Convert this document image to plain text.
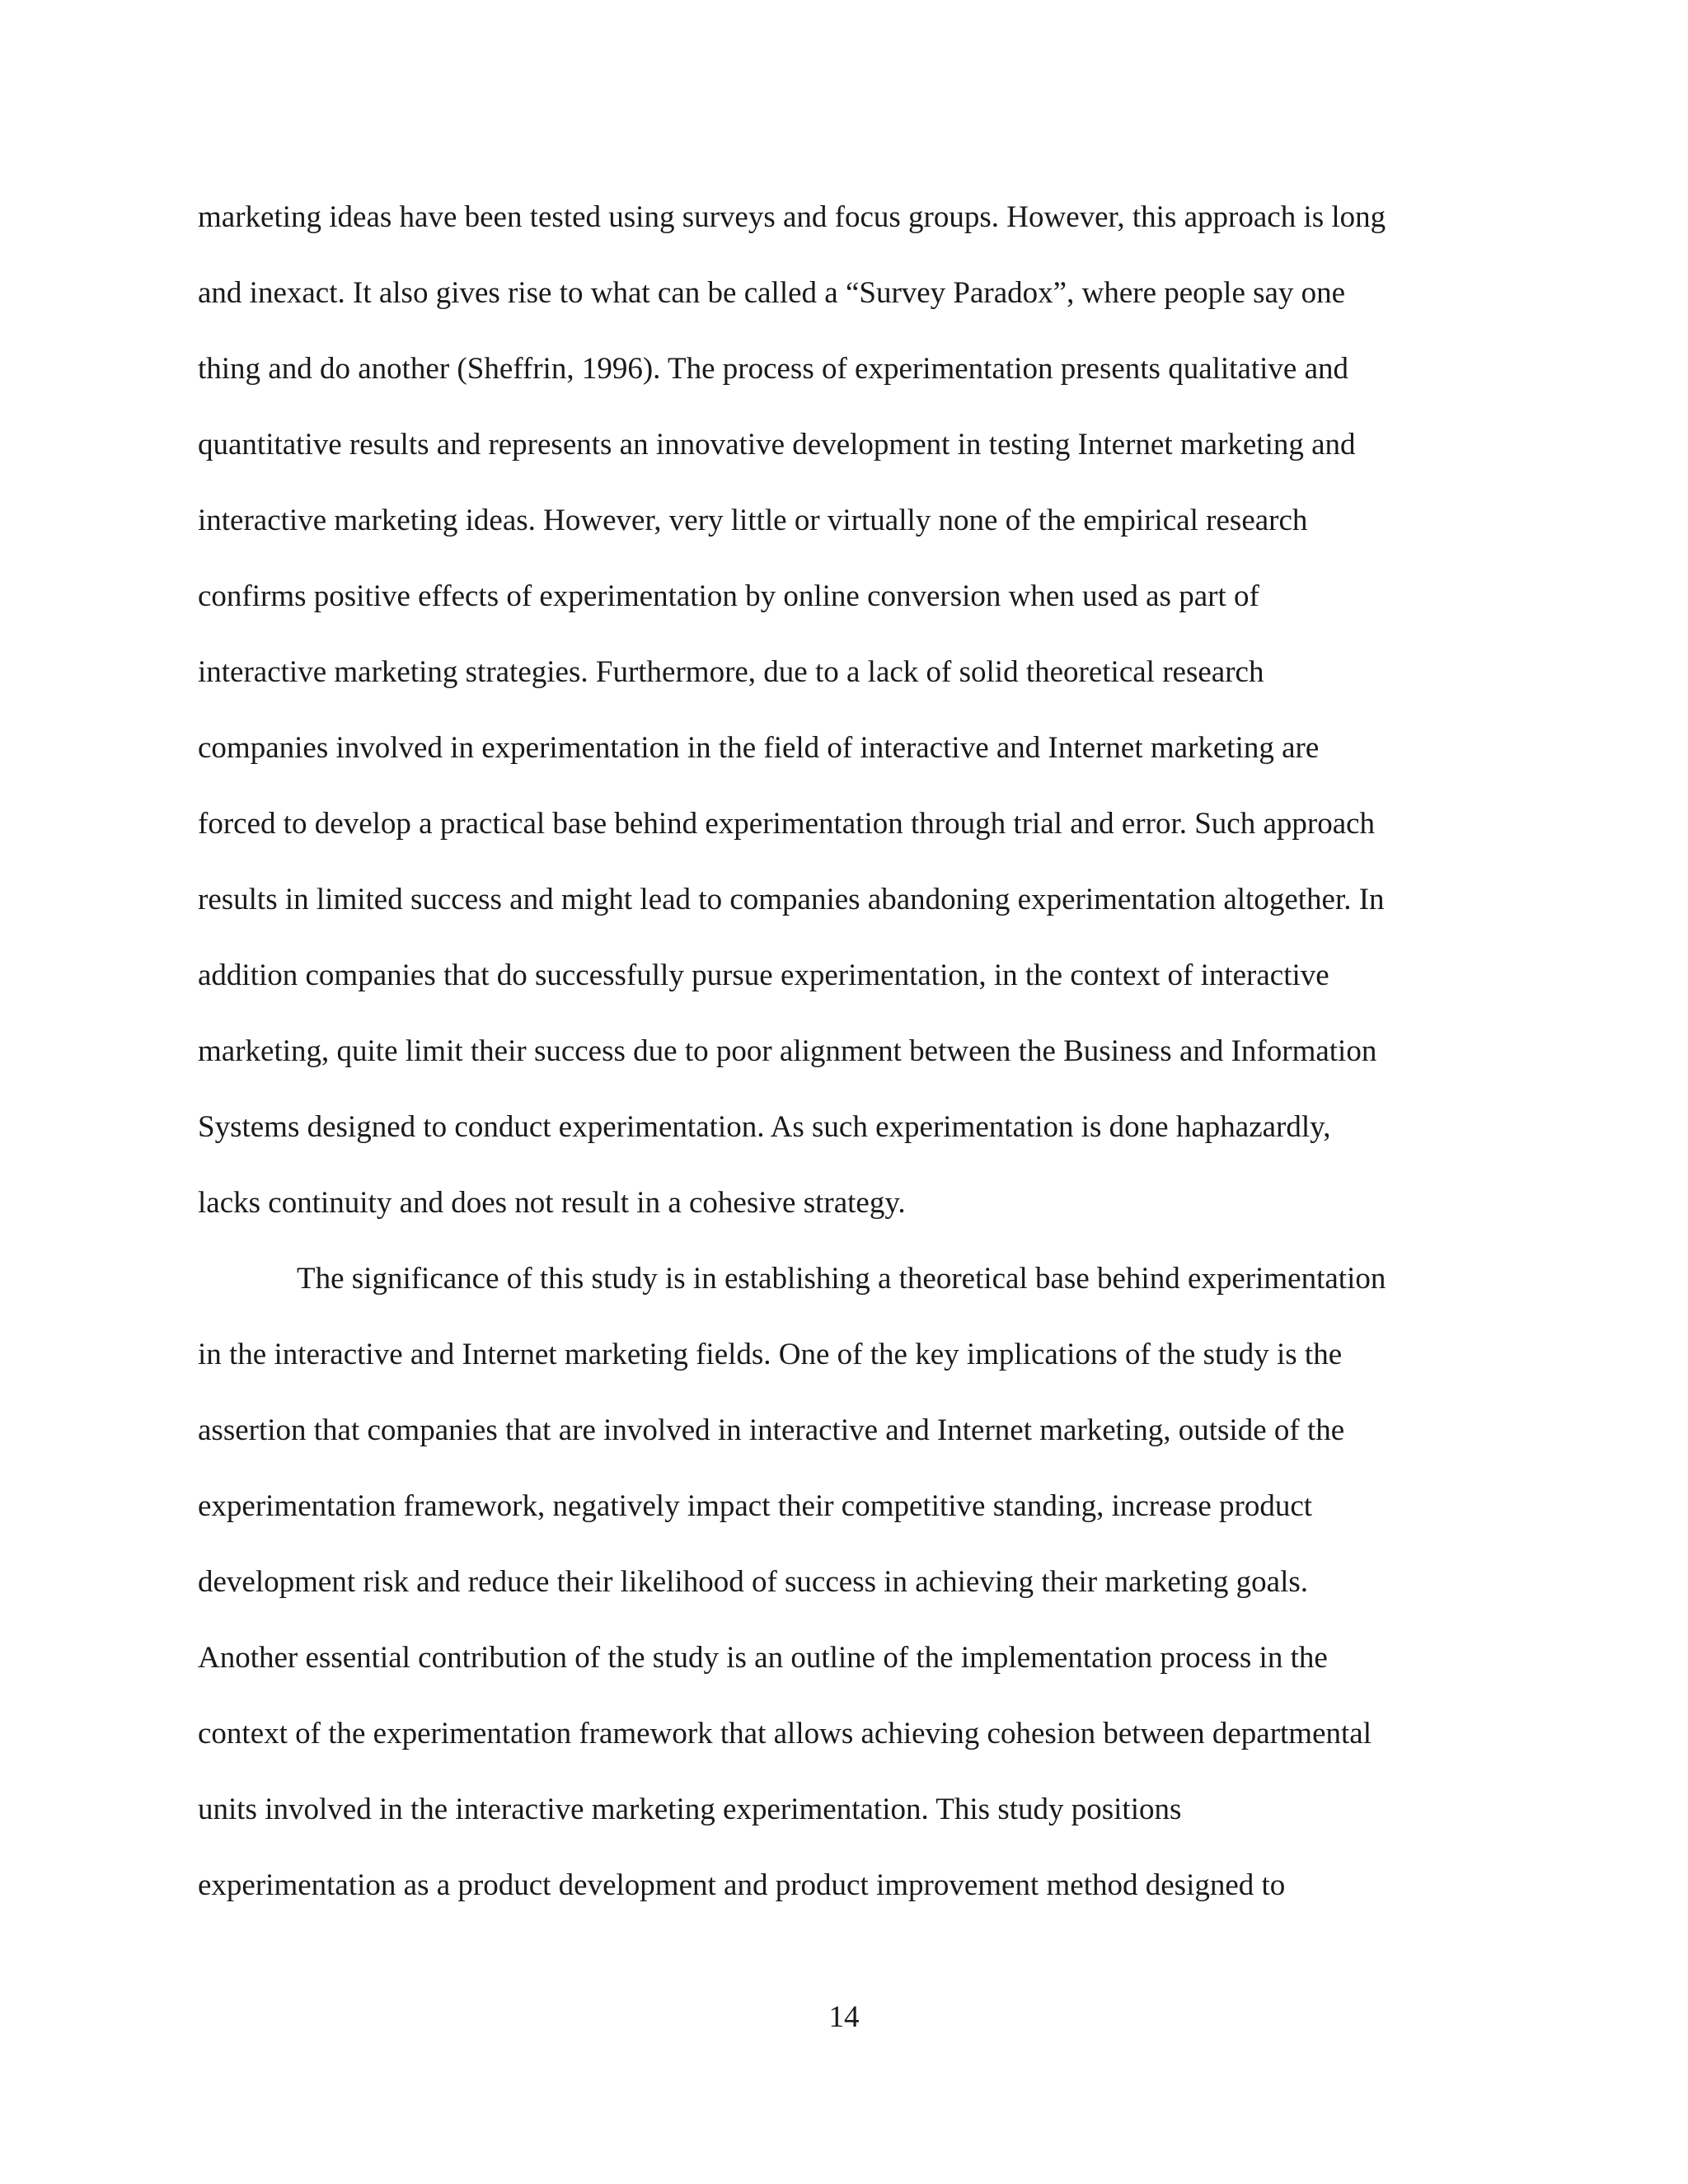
marketing ideas have been tested using surveys and focus groups. However, this approach is long
and inexact. It also gives rise to what can be called a “Survey Paradox”, where people say one
thing and do another (Sheffrin, 1996). The process of experimentation presents qualitative and
quantitative results and represents an innovative development in testing Internet marketing and
interactive marketing ideas. However, very little or virtually none of the empirical research
confirms positive effects of experimentation by online conversion when used as part of
interactive marketing strategies. Furthermore, due to a lack of solid theoretical research
companies involved in experimentation in the field of interactive and Internet marketing are
forced to develop a practical base behind experimentation through trial and error. Such approach
results in limited success and might lead to companies abandoning experimentation altogether. In
addition companies that do successfully pursue experimentation, in the context of interactive
marketing, quite limit their success due to poor alignment between the Business and Information
Systems designed to conduct experimentation. As such experimentation is done haphazardly,
lacks continuity and does not result in a cohesive strategy.
The significance of this study is in establishing a theoretical base behind experimentation
in the interactive and Internet marketing fields. One of the key implications of the study is the
assertion that companies that are involved in interactive and Internet marketing, outside of the
experimentation framework, negatively impact their competitive standing, increase product
development risk and reduce their likelihood of success in achieving their marketing goals.
Another essential contribution of the study is an outline of the implementation process in the
context of the experimentation framework that allows achieving cohesion between departmental
units involved in the interactive marketing experimentation. This study positions
experimentation as a product development and product improvement method designed to
14
